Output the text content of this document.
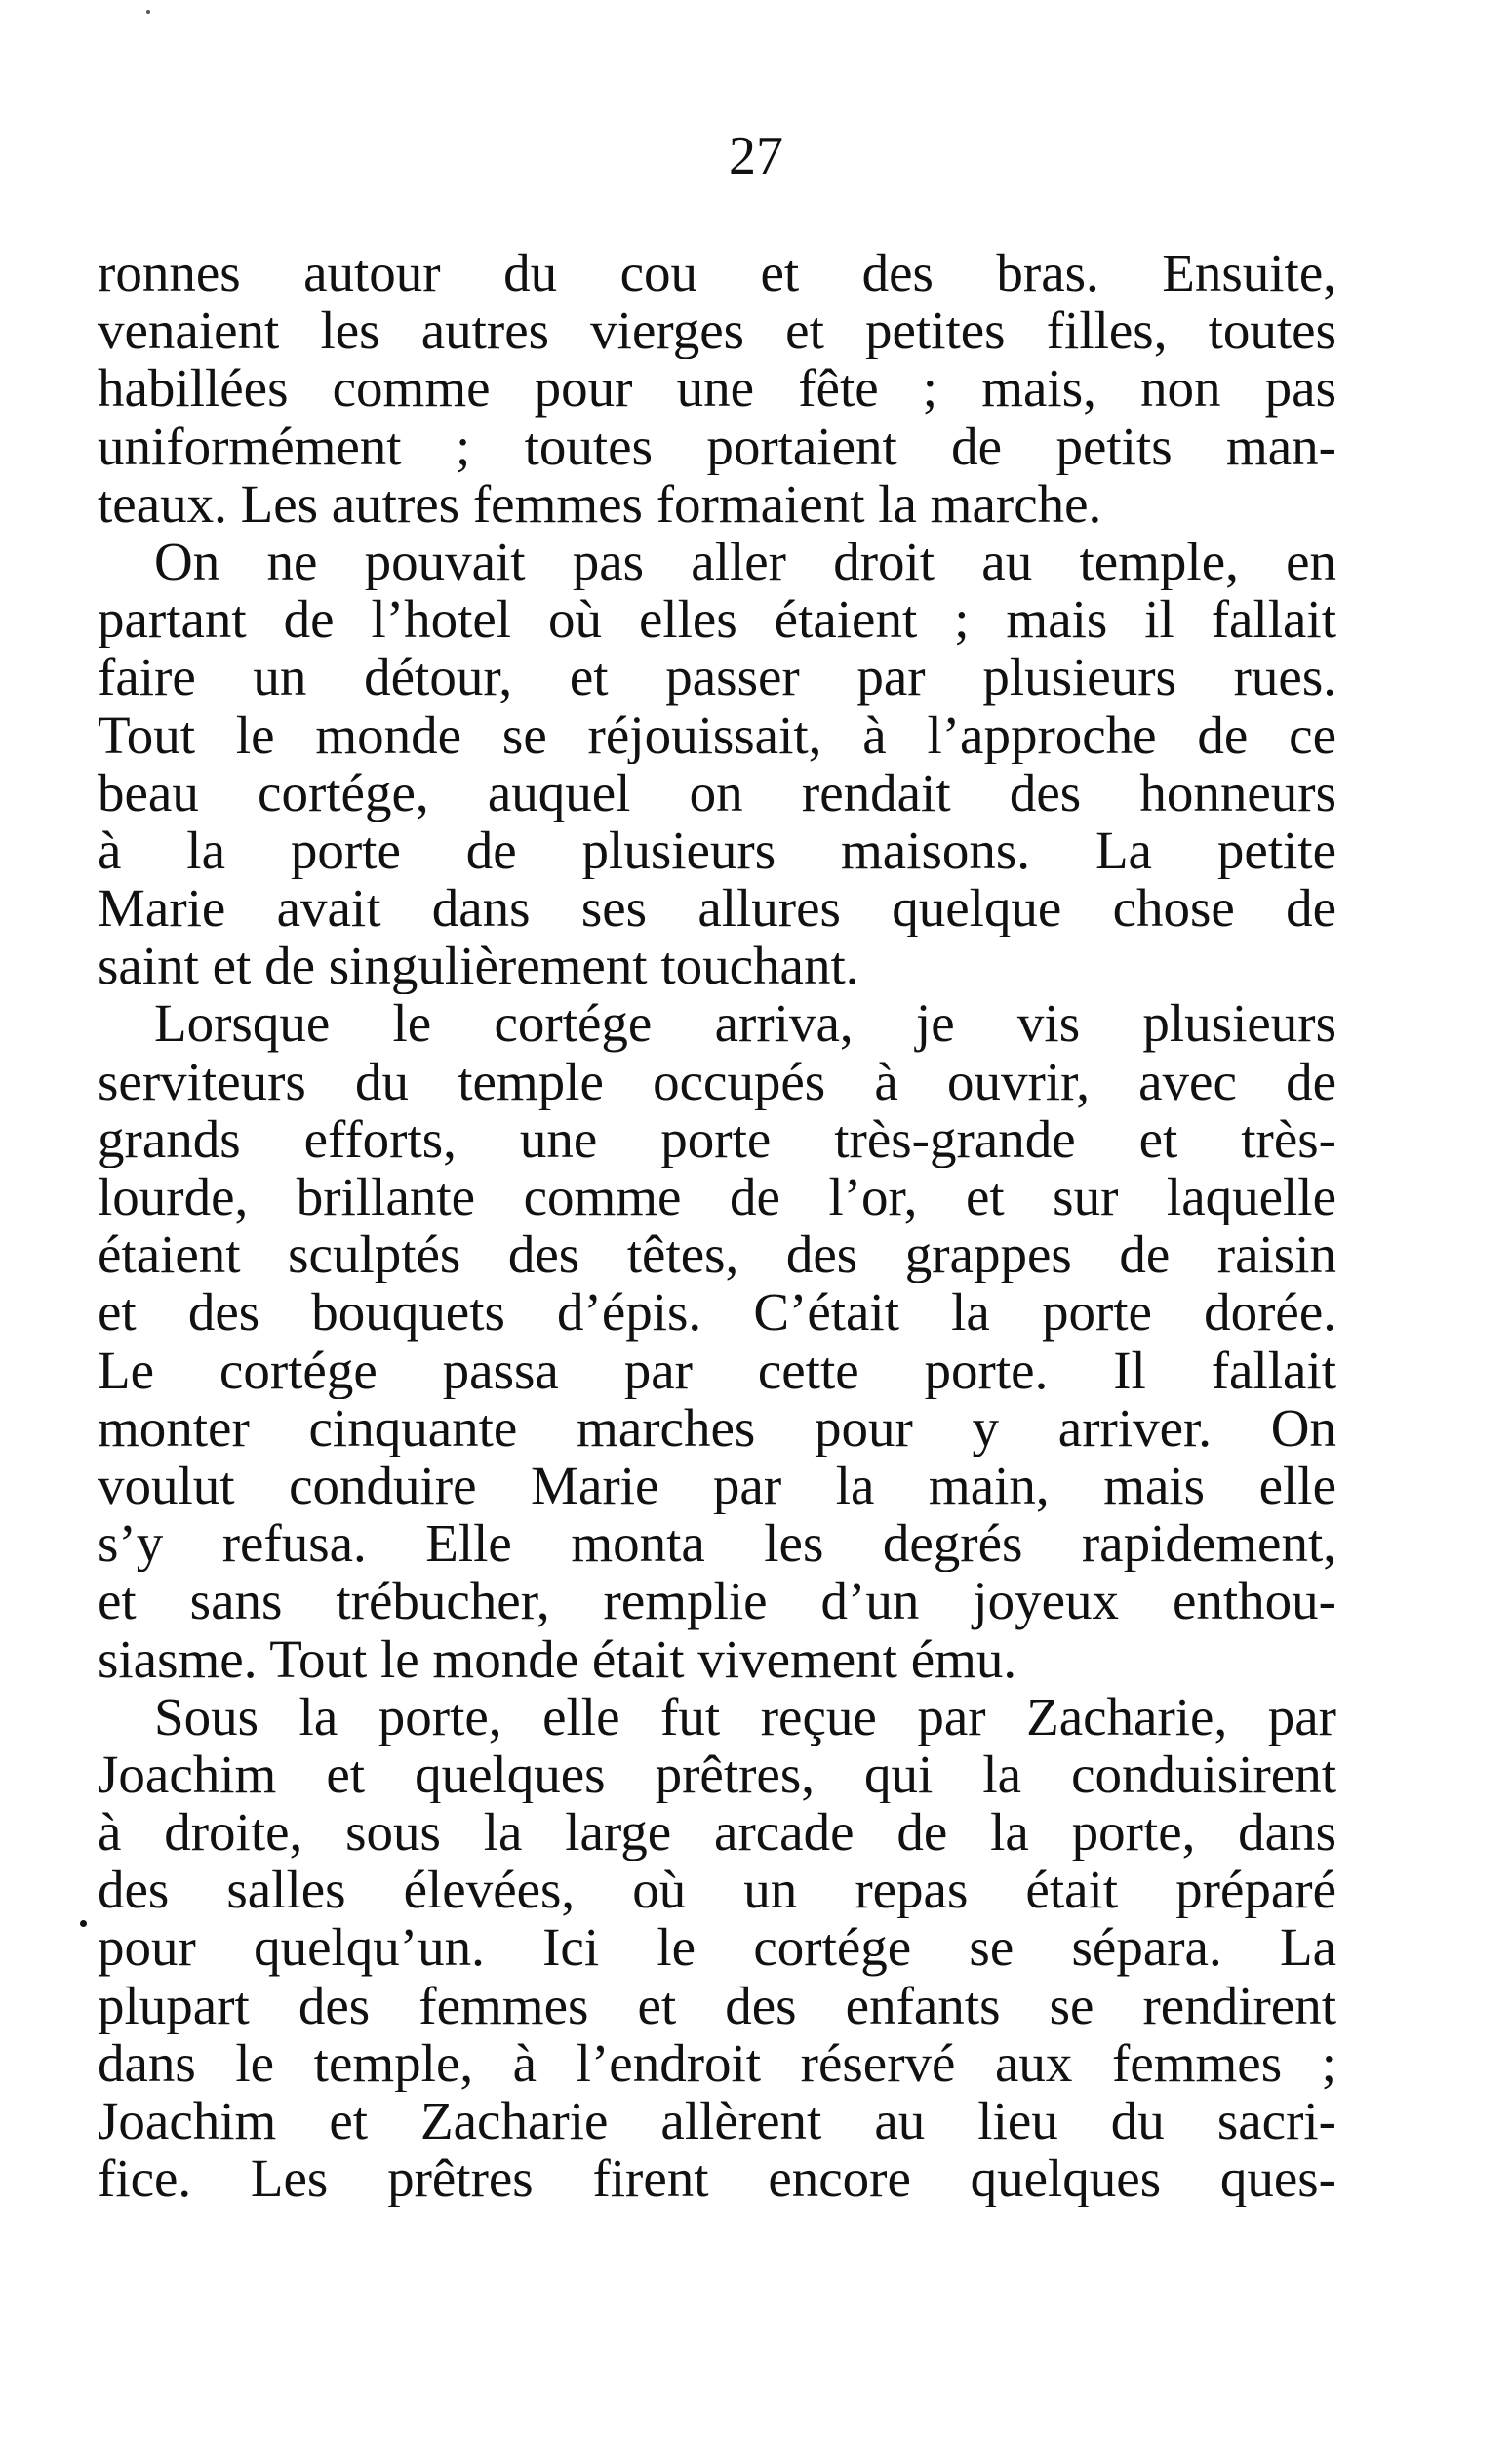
27
ronnes autour du cou et des bras. Ensuite,
venaient les autres vierges et petites filles, toutes
habillées comme pour une fête ; mais, non pas
uniformément ; toutes portaient de petits man-
teaux. Les autres femmes formaient la marche.
On ne pouvait pas aller droit au temple, en
partant de l’hotel où elles étaient ; mais il fallait
faire un détour, et passer par plusieurs rues.
Tout le monde se réjouissait, à l’approche de ce
beau cortége, auquel on rendait des honneurs
à la porte de plusieurs maisons. La petite
Marie avait dans ses allures quelque chose de
saint et de singulièrement touchant.
Lorsque le cortége arriva, je vis plusieurs
serviteurs du temple occupés à ouvrir, avec de
grands efforts, une porte très-grande et très-
lourde, brillante comme de l’or, et sur laquelle
étaient sculptés des têtes, des grappes de raisin
et des bouquets d’épis. C’était la porte dorée.
Le cortége passa par cette porte. Il fallait
monter cinquante marches pour y arriver. On
voulut conduire Marie par la main, mais elle
s’y refusa. Elle monta les degrés rapidement,
et sans trébucher, remplie d’un joyeux enthou-
siasme. Tout le monde était vivement ému.
Sous la porte, elle fut reçue par Zacharie, par
Joachim et quelques prêtres, qui la conduisirent
à droite, sous la large arcade de la porte, dans
des salles élevées, où un repas était préparé
pour quelqu’un. Ici le cortége se sépara. La
plupart des femmes et des enfants se rendirent
dans le temple, à l’endroit réservé aux femmes ;
Joachim et Zacharie allèrent au lieu du sacri-
fice. Les prêtres firent encore quelques ques-
